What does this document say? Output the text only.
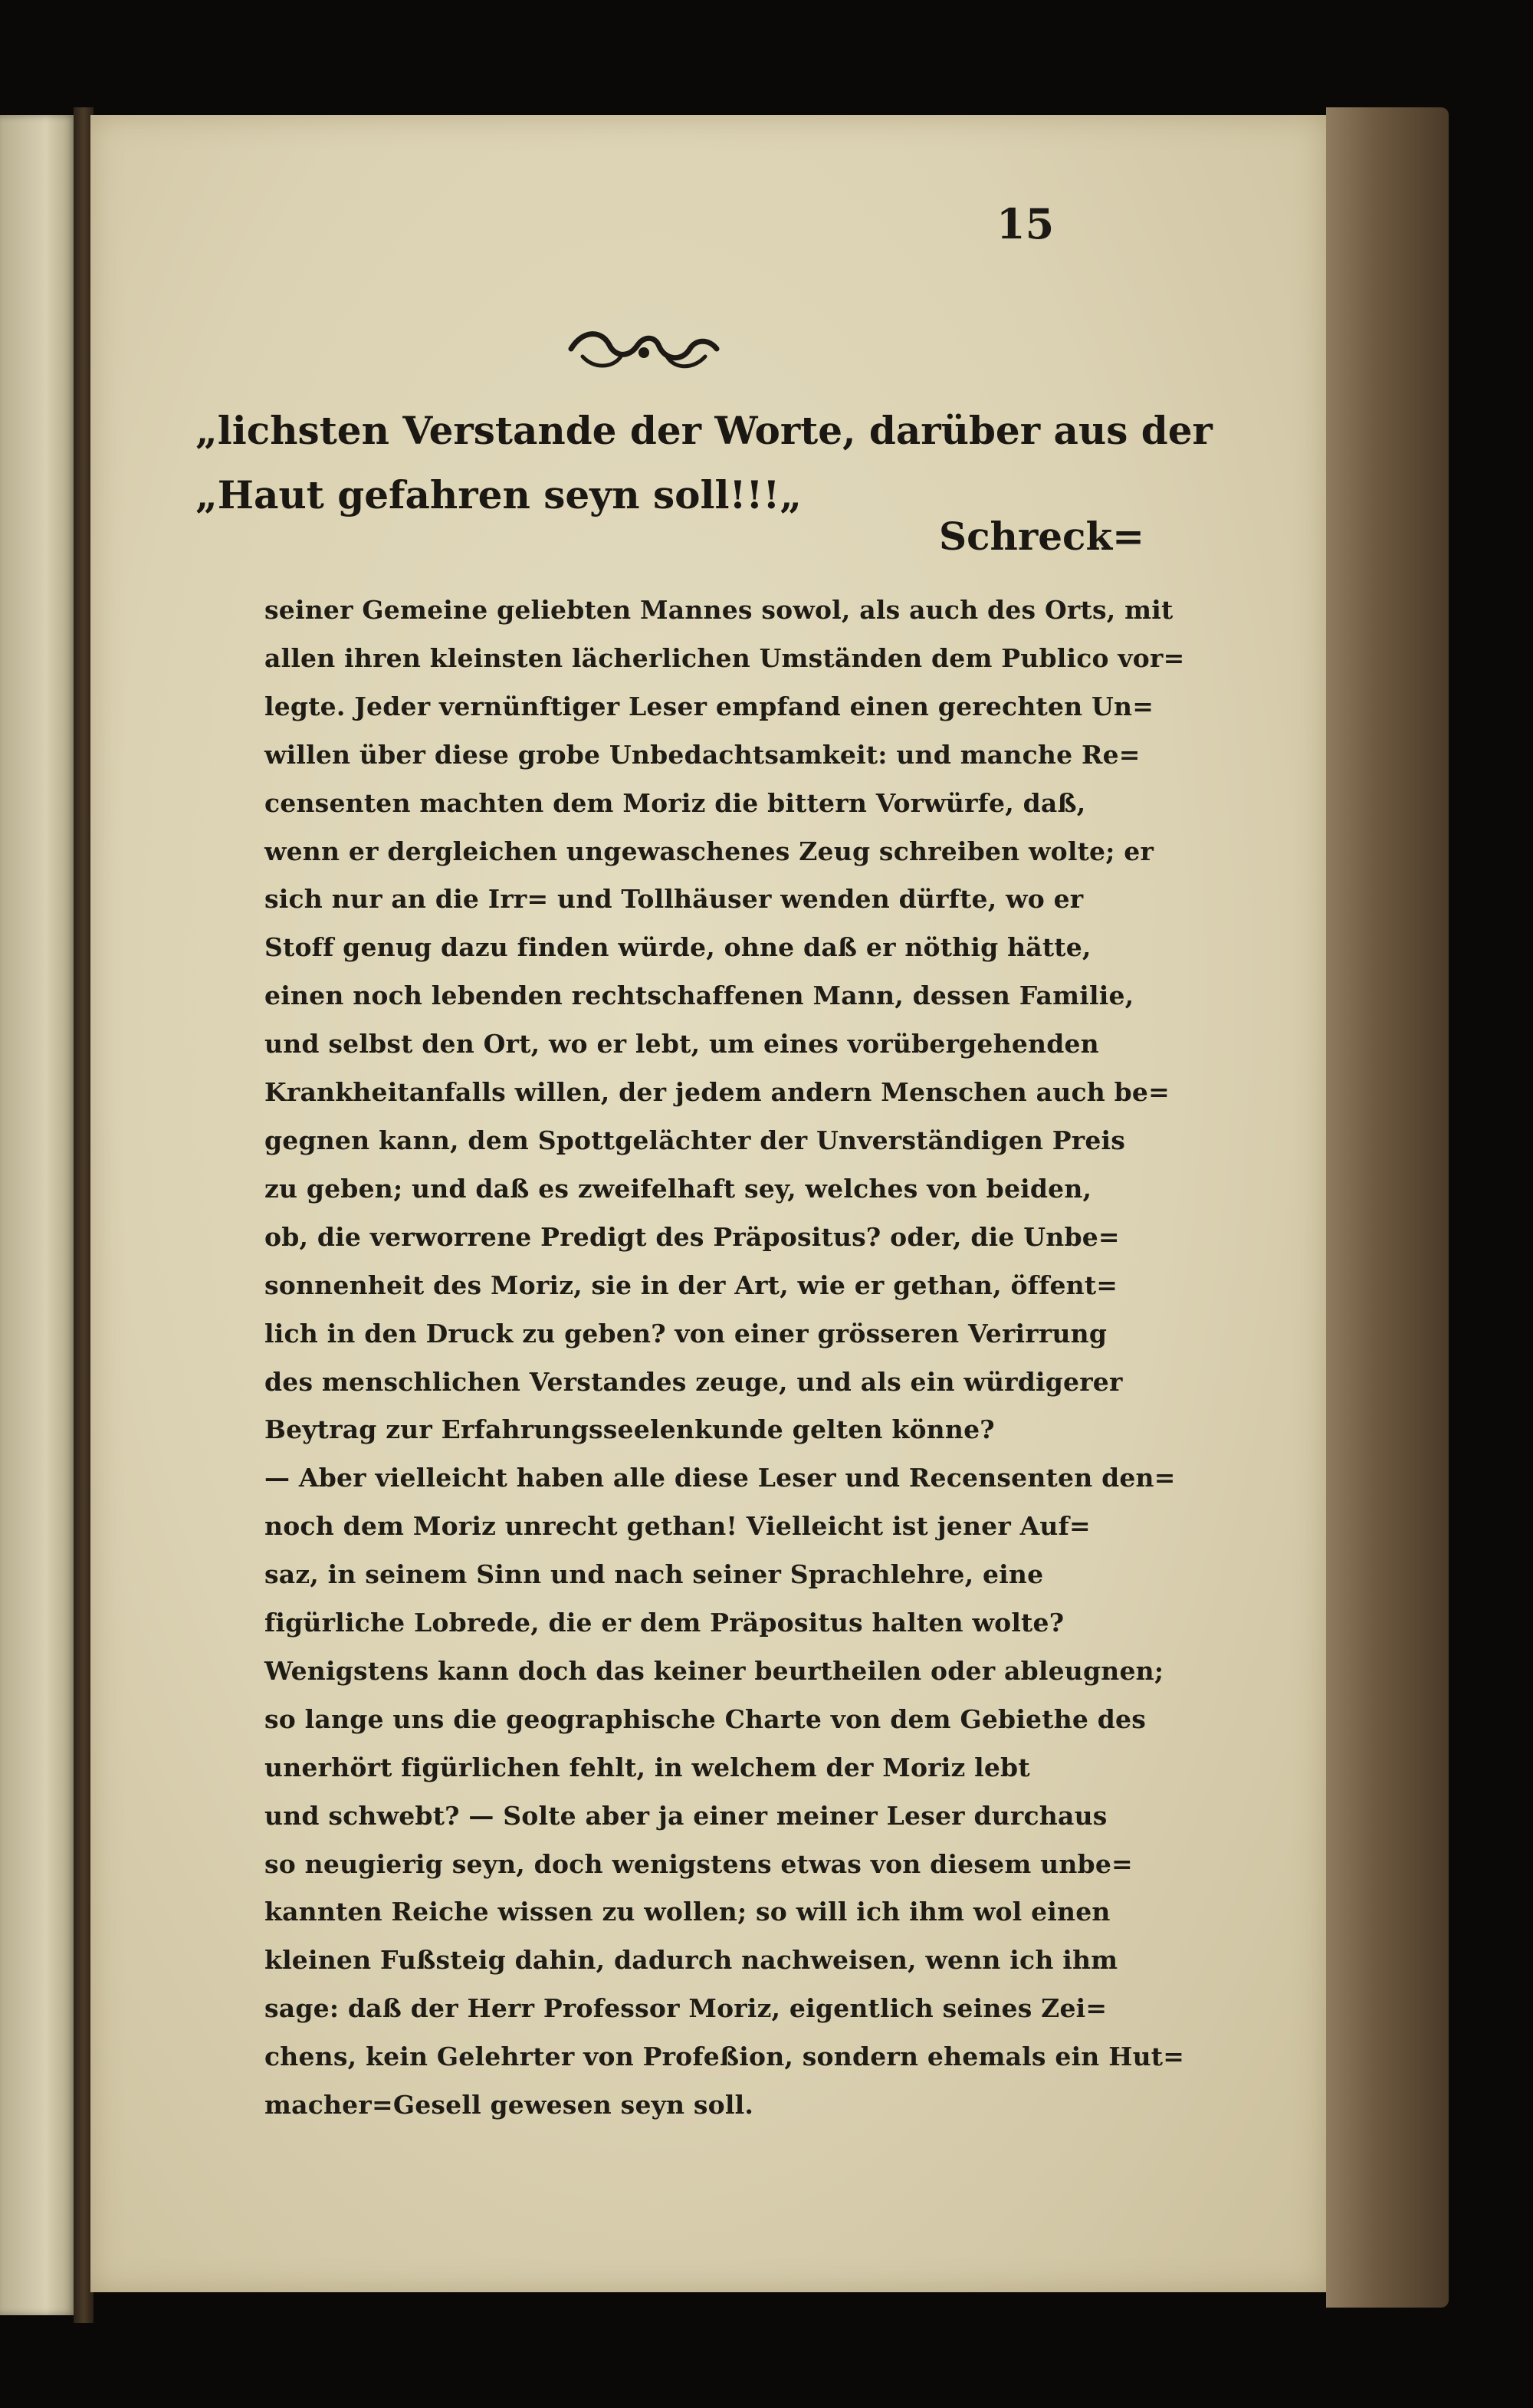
15
„lichsten Verstande der Worte, darüber aus der
„Haut gefahren seyn soll!!!„
Schreck=
seiner Gemeine geliebten Mannes sowol, als auch des Orts, mit
allen ihren kleinsten lächerlichen Umständen dem Publico vor=
legte. Jeder vernünftiger Leser empfand einen gerechten Un=
willen über diese grobe Unbedachtsamkeit: und manche Re=
censenten machten dem Moriz die bittern Vorwürfe, daß,
wenn er dergleichen ungewaschenes Zeug schreiben wolte; er
sich nur an die Irr= und Tollhäuser wenden dürfte, wo er
Stoff genug dazu finden würde, ohne daß er nöthig hätte,
einen noch lebenden rechtschaffenen Mann, dessen Familie,
und selbst den Ort, wo er lebt, um eines vorübergehenden
Krankheitanfalls willen, der jedem andern Menschen auch be=
gegnen kann, dem Spottgelächter der Unverständigen Preis
zu geben; und daß es zweifelhaft sey, welches von beiden,
ob, die verworrene Predigt des Präpositus? oder, die Unbe=
sonnenheit des Moriz, sie in der Art, wie er gethan, öffent=
lich in den Druck zu geben? von einer grösseren Verirrung
des menschlichen Verstandes zeuge, und als ein würdigerer
Beytrag zur Erfahrungsseelenkunde gelten könne?
— Aber vielleicht haben alle diese Leser und Recensenten den=
noch dem Moriz unrecht gethan! Vielleicht ist jener Auf=
saz, in seinem Sinn und nach seiner Sprachlehre, eine
figürliche Lobrede, die er dem Präpositus halten wolte?
Wenigstens kann doch das keiner beurtheilen oder ableugnen;
so lange uns die geographische Charte von dem Gebiethe des
unerhört figürlichen fehlt, in welchem der Moriz lebt
und schwebt? — Solte aber ja einer meiner Leser durchaus
so neugierig seyn, doch wenigstens etwas von diesem unbe=
kannten Reiche wissen zu wollen; so will ich ihm wol einen
kleinen Fußsteig dahin, dadurch nachweisen, wenn ich ihm
sage: daß der Herr Professor Moriz, eigentlich seines Zei=
chens, kein Gelehrter von Profeßion, sondern ehemals ein Hut=
macher=Gesell gewesen seyn soll.
